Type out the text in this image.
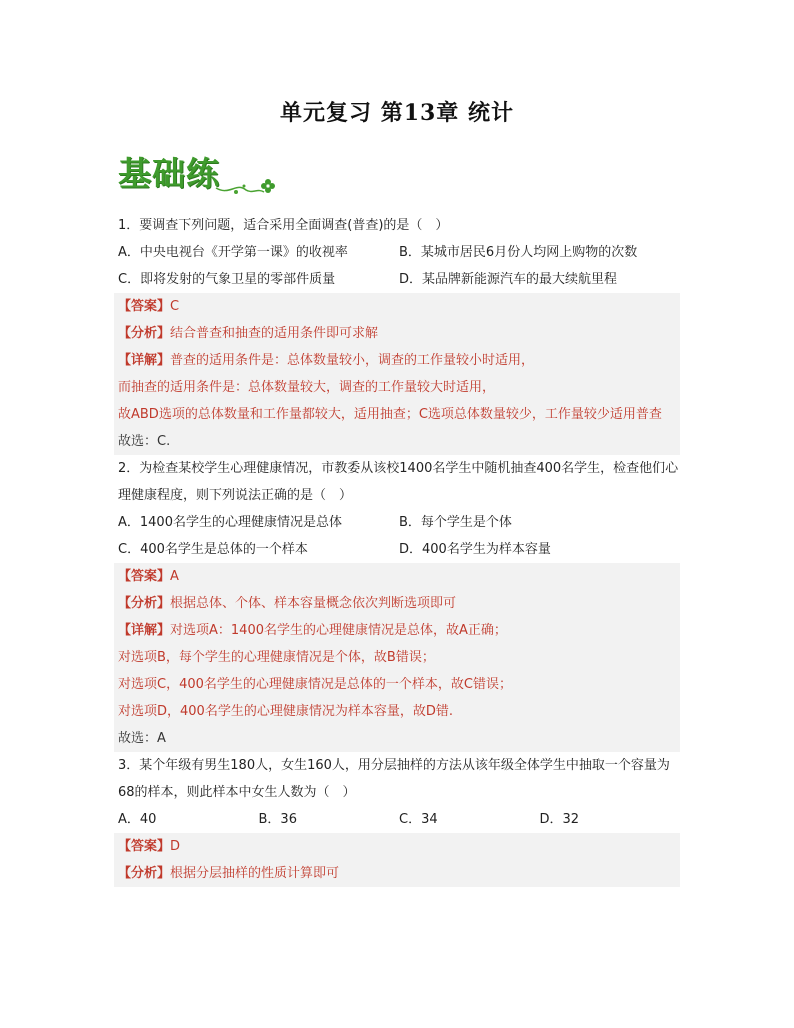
单元复习 第13章 统计
基础练
1．要调查下列问题，适合采用全面调查(普查)的是（　）
A．中央电视台《开学第一课》的收视率	B．某城市居民6月份人均网上购物的次数
C．即将发射的气象卫星的零部件质量	D．某品牌新能源汽车的最大续航里程
【答案】C
【分析】结合普查和抽查的适用条件即可求解
【详解】普查的适用条件是：总体数量较小，调查的工作量较小时适用，
而抽查的适用条件是：总体数量较大，调查的工作量较大时适用，
故ABD选项的总体数量和工作量都较大，适用抽查；C选项总体数量较少，工作量较少适用普查
故选：C.
2．为检查某校学生心理健康情况，市教委从该校1400名学生中随机抽查400名学生，检查他们心理健康程度，则下列说法正确的是（　）
A．1400名学生的心理健康情况是总体	B．每个学生是个体
C．400名学生是总体的一个样本	D．400名学生为样本容量
【答案】A
【分析】根据总体、个体、样本容量概念依次判断选项即可
【详解】对选项A：1400名学生的心理健康情况是总体，故A正确；
对选项B，每个学生的心理健康情况是个体，故B错误；
对选项C，400名学生的心理健康情况是总体的一个样本，故C错误；
对选项D，400名学生的心理健康情况为样本容量，故D错.
故选：A
3．某个年级有男生180人，女生160人，用分层抽样的方法从该年级全体学生中抽取一个容量为68的样本，则此样本中女生人数为（　）
A．40	B．36	C．34	D．32
【答案】D
【分析】根据分层抽样的性质计算即可
